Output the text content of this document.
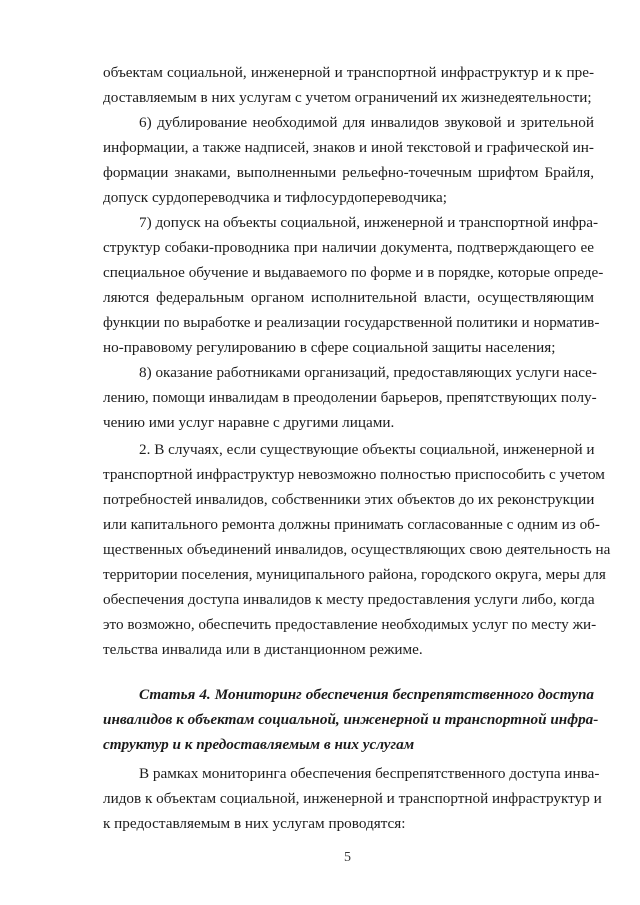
объектам социальной, инженерной и транспортной инфраструктур и к пре-
доставляемым в них услугам с учетом ограничений их жизнедеятельности;
6) дублирование необходимой для инвалидов звуковой и зрительной
информации, а также надписей, знаков и иной текстовой и графической ин-
формации знаками, выполненными рельефно-точечным шрифтом Брайля,
допуск сурдопереводчика и тифлосурдопереводчика;
7) допуск на объекты социальной, инженерной и транспортной инфра-
структур собаки-проводника при наличии документа, подтверждающего ее
специальное обучение и выдаваемого по форме и в порядке, которые опреде-
ляются федеральным органом исполнительной власти, осуществляющим
функции по выработке и реализации государственной политики и норматив-
но-правовому регулированию в сфере социальной защиты населения;
8) оказание работниками организаций, предоставляющих услуги насе-
лению, помощи инвалидам в преодолении барьеров, препятствующих полу-
чению ими услуг наравне с другими лицами.
2. В случаях, если существующие объекты социальной, инженерной и
транспортной инфраструктур невозможно полностью приспособить с учетом
потребностей инвалидов, собственники этих объектов до их реконструкции
или капитального ремонта должны принимать согласованные с одним из об-
щественных объединений инвалидов, осуществляющих свою деятельность на
территории поселения, муниципального района, городского округа, меры для
обеспечения доступа инвалидов к месту предоставления услуги либо, когда
это возможно, обеспечить предоставление необходимых услуг по месту жи-
тельства инвалида или в дистанционном режиме.
Статья 4. Мониторинг обеспечения беспрепятственного доступа
инвалидов к объектам социальной, инженерной и транспортной инфра-
структур и к предоставляемым в них услугам
В рамках мониторинга обеспечения беспрепятственного доступа инва-
лидов к объектам социальной, инженерной и транспортной инфраструктур и
к предоставляемым в них услугам проводятся:
5
